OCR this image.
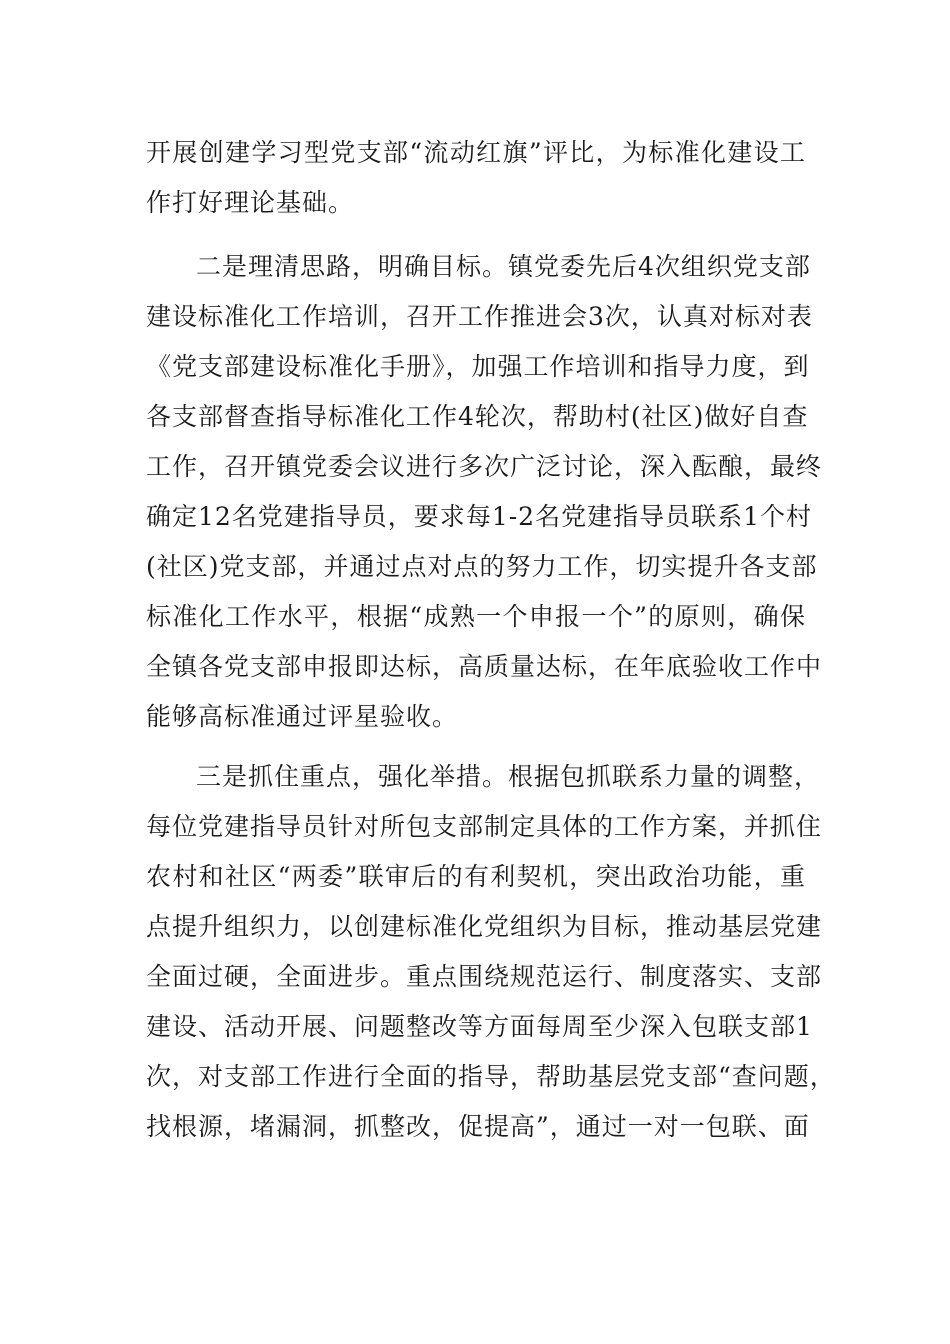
开展创建学习型党支部“流动红旗”评比，为标准化建设工
作打好理论基础。
二是理清思路，明确目标。镇党委先后4次组织党支部
建设标准化工作培训，召开工作推进会3次，认真对标对表
《党支部建设标准化手册》，加强工作培训和指导力度，到
各支部督查指导标准化工作4轮次，帮助村(社区)做好自查
工作，召开镇党委会议进行多次广泛讨论，深入酝酿，最终
确定12名党建指导员，要求每1-2名党建指导员联系1个村
(社区)党支部，并通过点对点的努力工作，切实提升各支部
标准化工作水平，根据“成熟一个申报一个”的原则，确保
全镇各党支部申报即达标，高质量达标，在年底验收工作中
能够高标准通过评星验收。
三是抓住重点，强化举措。根据包抓联系力量的调整，
每位党建指导员针对所包支部制定具体的工作方案，并抓住
农村和社区“两委”联审后的有利契机，突出政治功能，重
点提升组织力，以创建标准化党组织为目标，推动基层党建
全面过硬，全面进步。重点围绕规范运行、制度落实、支部
建设、活动开展、问题整改等方面每周至少深入包联支部1
次，对支部工作进行全面的指导，帮助基层党支部“查问题，
找根源，堵漏洞，抓整改，促提高”，通过一对一包联、面
